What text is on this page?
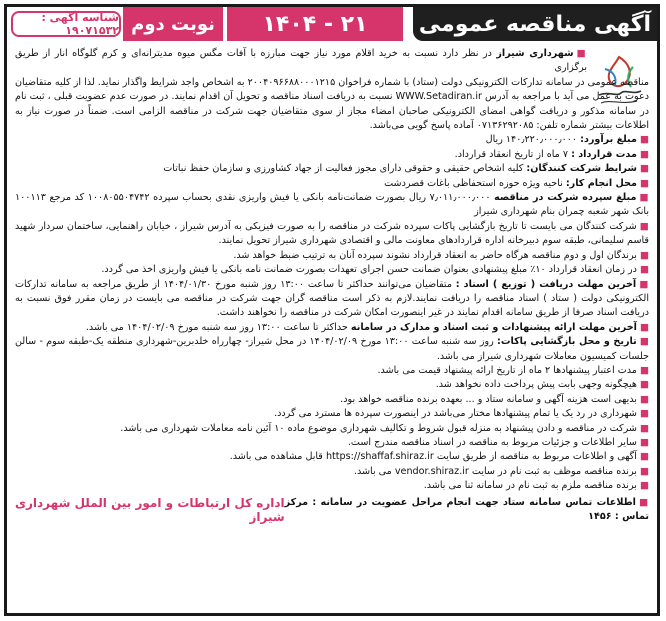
آگهی مناقصه عمومی
۲۱ - ۱۴۰۴
نوبت دوم
شناسه آگهی : ۱۹۰۷۱۵۳۲

■شهرداری شیراز در نظر دارد نسبت به خرید اقلام مورد نیاز جهت مبارزه با آفات مگس میوه مدیترانه‌ای و کرم گلوگاه انار از طریق برگزاری
مناقصه عمومی در سامانه تدارکات الکترونیکی دولت (ستاد) با شماره فراخوان ۲۰۰۴۰۹۶۶۸۸۰۰۰۱۲۱۵ به اشخاص واجد شرایط واگذار نماید. لذا از کلیه متقاضیان دعوت به عمل می آید با مراجعه به آدرس WWW.Setadiran.ir نسبت به دریافت اسناد مناقصه و تحویل آن اقدام نمایند. در صورت عدم عضویت قبلی ، ثبت نام در سامانه مذکور و دریافت گواهی امضای الکترونیکی صاحبان امضاء مجاز از سوی متقاضیان جهت شرکت در مناقصه الزامی است. ضمناً در صورت نیاز به اطلاعات بیشتر شماره تلفن: ۰۷۱۳۶۲۹۲۰۸۵ آماده پاسخ گویی می‌باشد.

■مبلغ برآورد: ۱۴۰٫۲۲۰٫۰۰۰٫۰۰۰ ریال

■مدت قرارداد : ۷ ماه از تاریخ انعقاد قرارداد.

■شرایط شرکت کنندگان: کلیه اشخاص حقیقی و حقوقی دارای مجوز فعالیت از جهاد کشاورزی و سازمان حفظ نباتات

■محل انجام کار: ناحیه ویژه حوزه استحفاظی باغات قصردشت

■مبلغ سپرده شرکت در مناقصه ۷٫۰۱۱٫۰۰۰٫۰۰۰ ریال بصورت ضمانت‌نامه بانکی یا فیش واریزی نقدی بحساب سپرده ۱۰۰۸۰۵۵۰۴۷۴۲ کد مرجع ۱۰۰۱۱۳ بانک شهر شعبه چمران بنام شهرداری شیراز

■شرکت کنندگان می بایست تا تاریخ بازگشایی پاکات سپرده شرکت در مناقصه را به صورت فیزیکی به آدرس شیراز ، خیابان راهنمایی، ساختمان سردار شهید قاسم سلیمانی، طبقه سوم دبیرخانه اداره قراردادهای معاونت مالی و اقتصادی شهرداری شیراز تحویل نمایند.

■برندگان اول و دوم مناقصه هرگاه حاضر به انعقاد قرارداد نشوند سپرده آنان به ترتیب ضبط خواهد شد.

■در زمان انعقاد قرارداد ۱۰٪ مبلغ پیشنهادی بعنوان ضمانت حسن اجرای تعهدات بصورت ضمانت نامه بانکی یا فیش واریزی اخذ می گردد.

■آخرین مهلت دریافت ( توزیع ) اسناد : متقاضیان می‌توانند حداکثر تا ساعت ۱۳:۰۰ روز شنبه مورخ ۱۴۰۴/۰۱/۳۰ از طریق مراجعه به سامانه تدارکات الکترونیکی دولت ( ستاد ) اسناد مناقصه را دریافت نمایند.لازم به ذکر است مناقصه گران جهت شرکت در مناقصه می بایست در زمان مقرر فوق نسبت به دریافت اسناد صرفا از طریق سامانه اقدام نمایند در غیر اینصورت امکان شرکت در مناقصه را نخواهند داشت.

■آخرین مهلت ارائه پیشنهادات و ثبت اسناد و مدارک در سامانه حداکثر تا ساعت ۱۳:۰۰ روز سه شنبه مورخ ۱۴۰۴/۰۲/۰۹ می باشد.

■تاریخ و محل بازگشایی پاکات: روز سه شنبه ساعت ۱۳:۰۰ مورخ ۱۴۰۴/۰۲/۰۹ در محل شیراز- چهارراه خلدبرین-شهرداری منطقه یک-طبقه سوم - سالن جلسات کمیسیون معاملات شهرداری شیراز می باشد.

■مدت اعتبار پیشنهادها ۲ ماه از تاریخ ارائه پیشنهاد قیمت می باشد.

■هیچگونه وجهی بابت پیش پرداخت داده نخواهد شد.

■بدیهی است هزینه آگهی و سامانه ستاد و ... بعهده برنده مناقصه خواهد بود.

■شهرداری در رد یک یا تمام پیشنهادها مختار می‌باشد در اینصورت سپرده ها مسترد می گردد.

■شرکت در مناقصه و دادن پیشنهاد به منزله قبول شروط و تکالیف شهرداری موضوع ماده ۱۰ آئین نامه معاملات شهرداری می باشد.

■سایر اطلاعات و جزئیات مربوط به مناقصه در اسناد مناقصه مندرج است.

■آگهی و اطلاعات مربوط به مناقصه از طریق سایت https://shaffaf.shiraz.ir قابل مشاهده می باشد.

■برنده مناقصه موظف به ثبت نام در سایت vendor.shiraz.ir می باشد.

■برنده مناقصه ملزم به ثبت نام در سامانه ثنا می باشد.

■اطلاعات تماس سامانه ستاد جهت انجام مراحل عضویت در سامانه : مرکز تماس : ۱۴۵۶
اداره کل ارتباطات و امور بین الملل شهرداری شیراز
